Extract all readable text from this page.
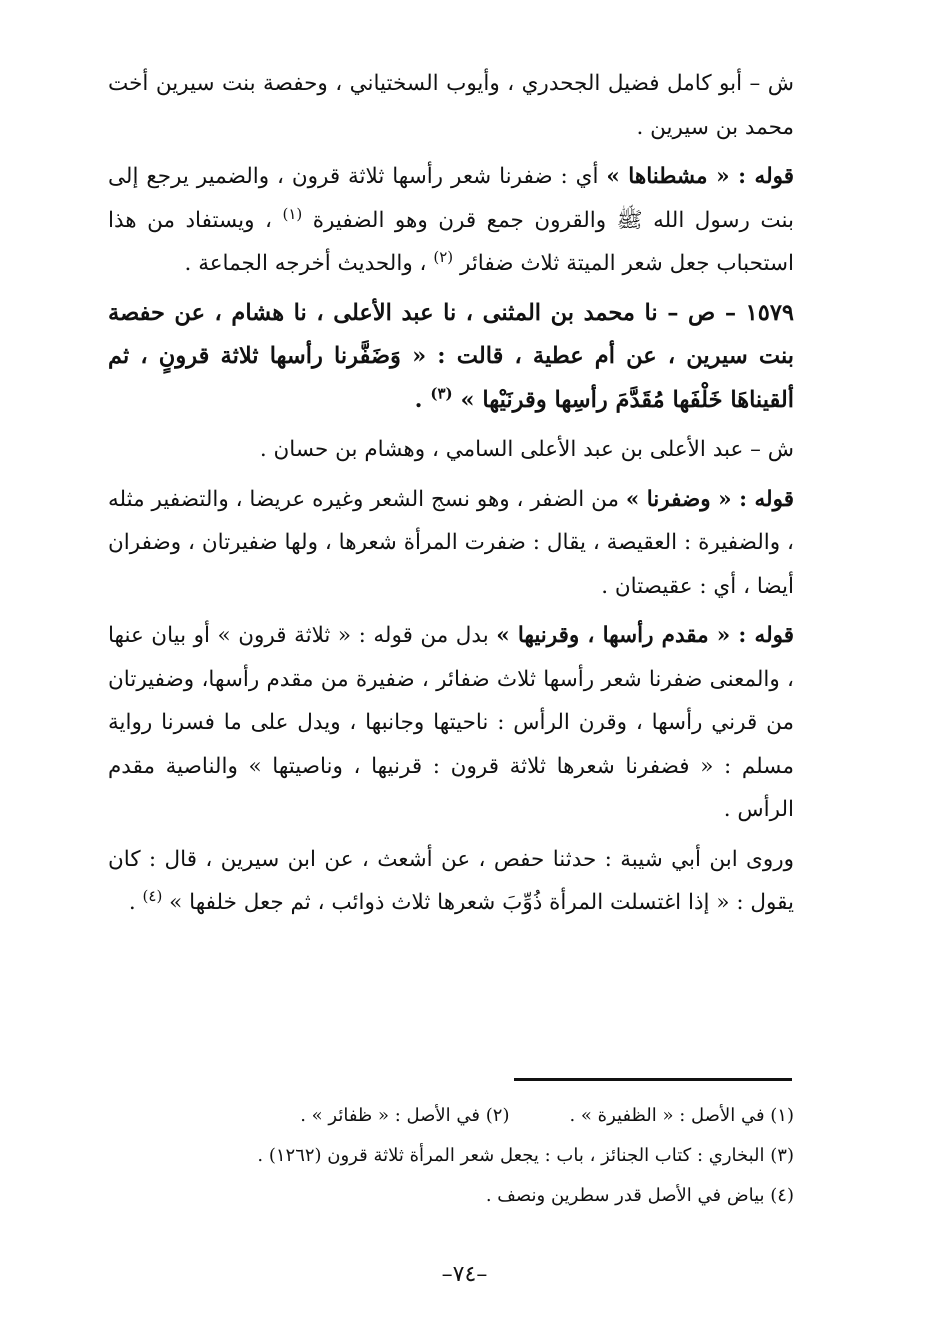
ش – أبو كامل فضيل الجحدري ، وأيوب السختياني ، وحفصة بنت سيرين أخت محمد بن سيرين .

قوله : « مشطناها » أي : ضفرنا شعر رأسها ثلاثة قرون ، والضمير يرجع إلى بنت رسول الله ﷺ والقرون جمع قرن وهو الضفيرة $^{(١)}$ ، ويستفاد من هذا استحباب جعل شعر الميتة ثلاث ضفائر $^{(٢)}$ ، والحديث أخرجه الجماعة .

١٥٧٩ – ص – نا محمد بن المثنى ، نا عبد الأعلى ، نا هشام ، عن حفصة بنت سيرين ، عن أم عطية ، قالت : « وَضَفَّرنا رأسها ثلاثة قرونٍ ، ثم ألقيناهَا خَلْفَها مُقَدَّمَ رأسِها وقرنَيْها » $^{(٣)}$ .

ش – عبد الأعلى بن عبد الأعلى السامي ، وهشام بن حسان .

قوله : « وضفرنا » من الضفر ، وهو نسج الشعر وغيره عريضا ، والتضفير مثله ، والضفيرة : العقيصة ، يقال : ضفرت المرأة شعرها ، ولها ضفيرتان ، وضفران أيضا ، أي : عقيصتان .

قوله : « مقدم رأسها ، وقرنيها » بدل من قوله : « ثلاثة قرون » أو بيان عنها ، والمعنى ضفرنا شعر رأسها ثلاث ضفائر ، ضفيرة من مقدم رأسها، وضفيرتان من قرني رأسها ، وقرن الرأس : ناحيتها وجانبها ، ويدل على ما فسرنا رواية مسلم : « فضفرنا شعرها ثلاثة قرون : قرنيها ، وناصيتها » والناصية مقدم الرأس .

وروى ابن أبي شيبة : حدثنا حفص ، عن أشعث ، عن ابن سيرين ، قال : كان يقول : « إذا اغتسلت المرأة ذُوِّبَ شعرها ثلاث ذوائب ، ثم جعل خلفها » $^{(٤)}$ .

(١) في الأصل : « الظفيرة » .
(٢) في الأصل : « ظفائر » .
(٣) البخاري : كتاب الجنائز ، باب : يجعل شعر المرأة ثلاثة قرون (١٢٦٢) .
(٤) بياض في الأصل قدر سطرين ونصف .
–٧٤–
